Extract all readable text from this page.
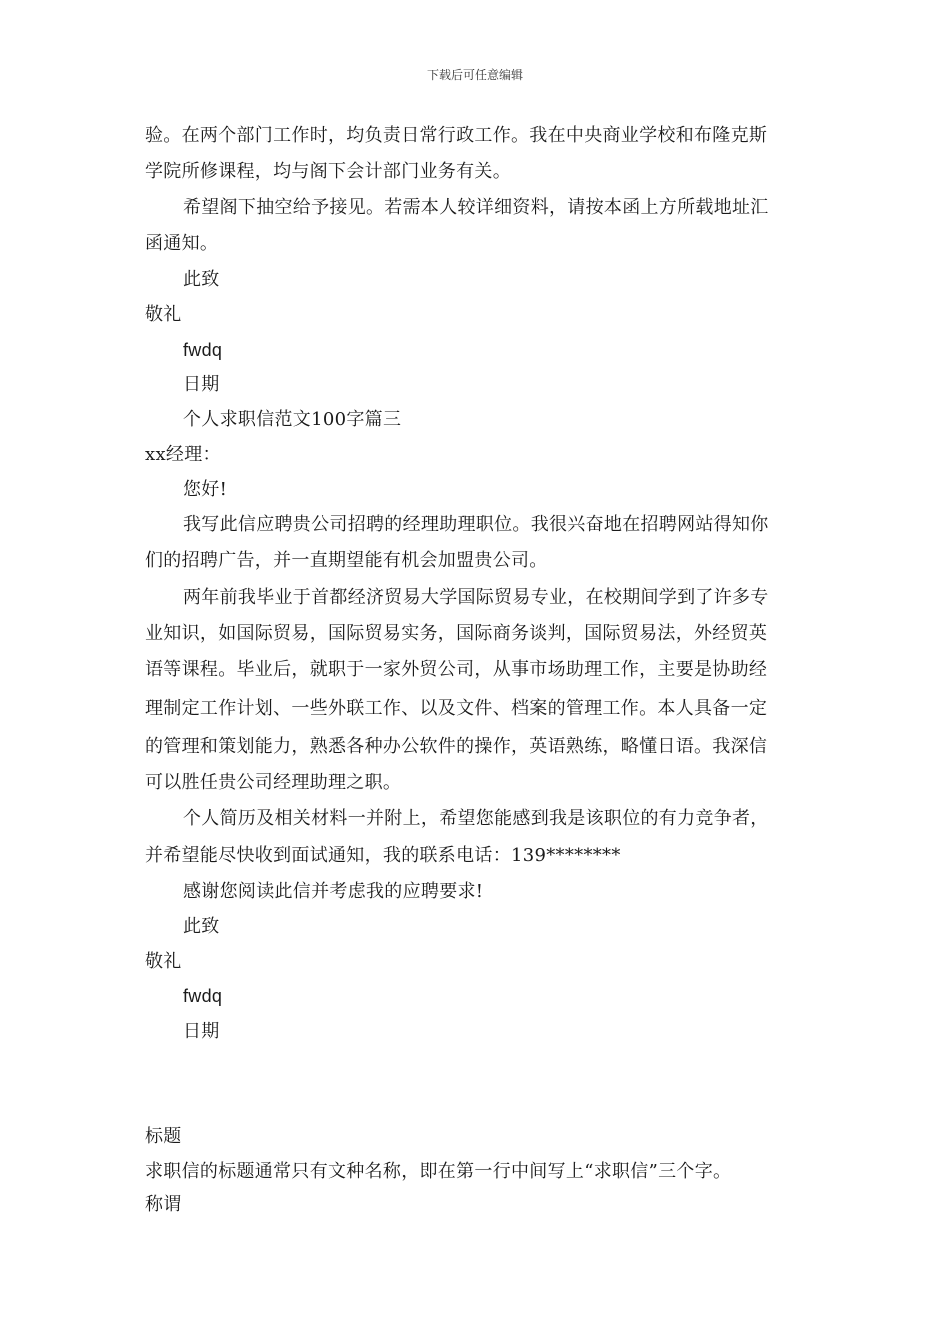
下载后可任意编辑
验。在两个部门工作时，均负责日常行政工作。我在中央商业学校和布隆克斯
学院所修课程，均与阁下会计部门业务有关。
希望阁下抽空给予接见。若需本人较详细资料，请按本函上方所载地址汇
函通知。
此致
敬礼
fwdq
日期
个人求职信范文100字篇三
xx经理：
您好!
我写此信应聘贵公司招聘的经理助理职位。我很兴奋地在招聘网站得知你
们的招聘广告，并一直期望能有机会加盟贵公司。
两年前我毕业于首都经济贸易大学国际贸易专业，在校期间学到了许多专
业知识，如国际贸易，国际贸易实务，国际商务谈判，国际贸易法，外经贸英
语等课程。毕业后，就职于一家外贸公司，从事市场助理工作，主要是协助经
理制定工作计划、一些外联工作、以及文件、档案的管理工作。本人具备一定
的管理和策划能力，熟悉各种办公软件的操作，英语熟练，略懂日语。我深信
可以胜任贵公司经理助理之职。
个人简历及相关材料一并附上，希望您能感到我是该职位的有力竞争者，
并希望能尽快收到面试通知，我的联系电话：139********
感谢您阅读此信并考虑我的应聘要求!
此致
敬礼
fwdq
日期
标题
求职信的标题通常只有文种名称，即在第一行中间写上“求职信”三个字。
称谓
